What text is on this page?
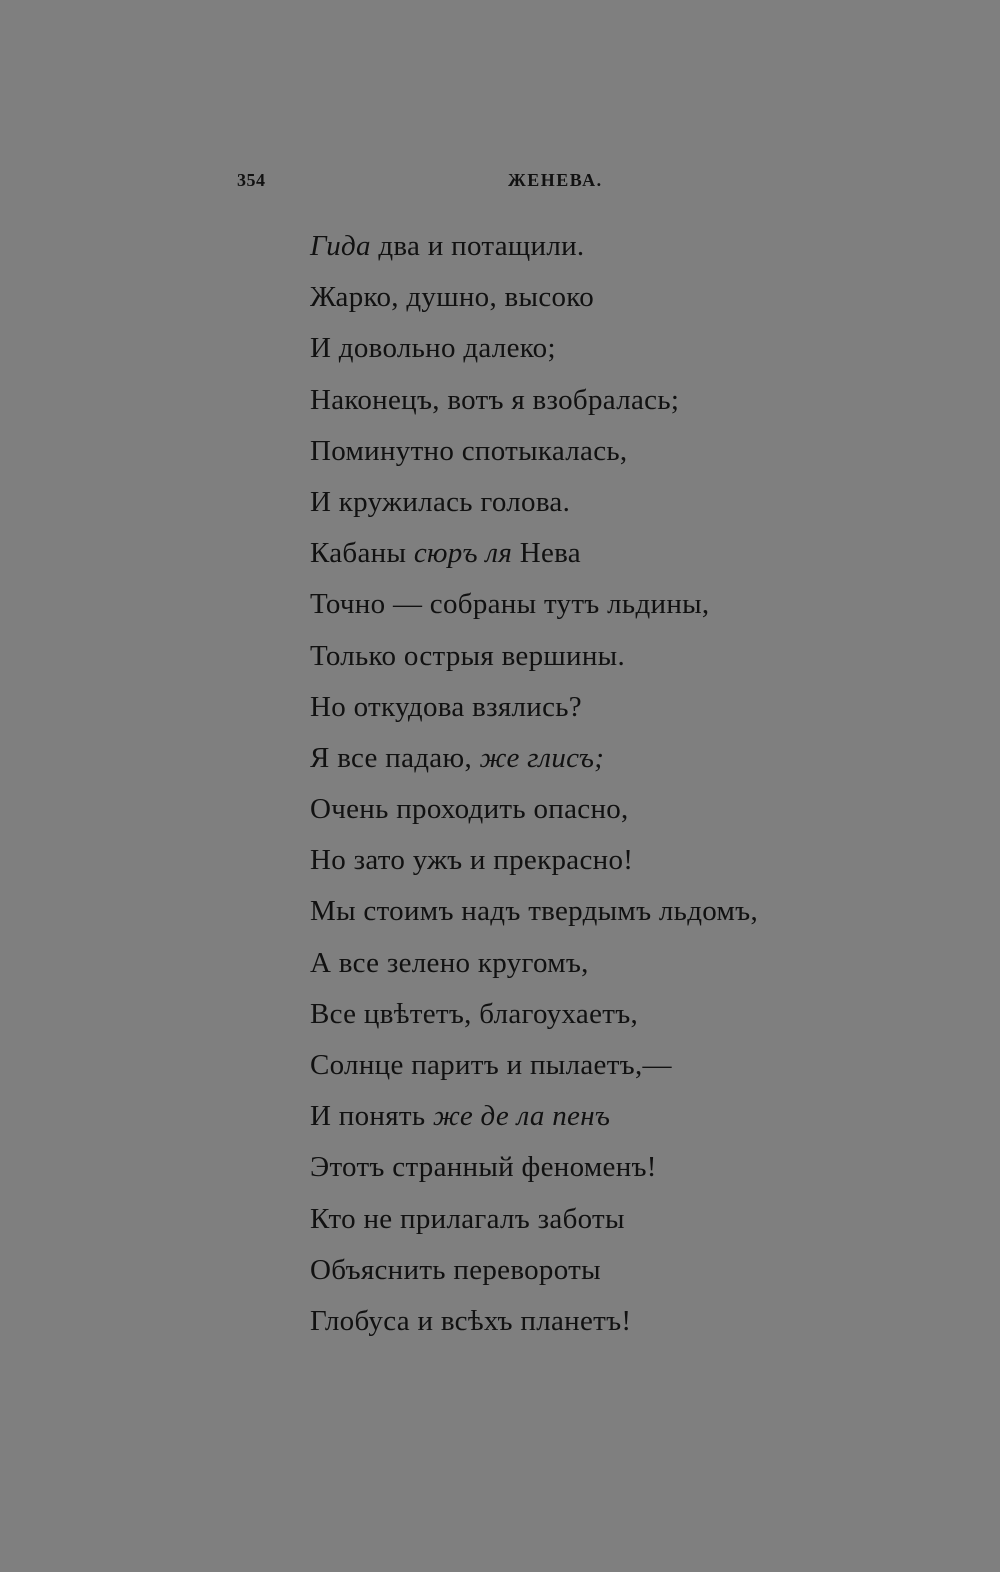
354	ЖЕНЕВА.
Гида два и потащили.
Жарко, душно, высоко
И довольно далеко;
Наконецъ, вотъ я взобралась;
Поминутно спотыкалась,
И кружилась голова.
Кабаны сюръ ля Нева
Точно — собраны тутъ льдины,
Только острыя вершины.
Но откудова взялись?
Я все падаю, же глисъ;
Очень проходить опасно,
Но зато ужъ и прекрасно!
Мы стоимъ надъ твердымъ льдомъ,
А все зелено кругомъ,
Все цвѣтетъ, благоухаетъ,
Солнце паритъ и пылаетъ,—
И понять же де ла пенъ
Этотъ странный феноменъ!
Кто не прилагалъ заботы
Объяснить перевороты
Глобуса и всѣхъ планетъ!
